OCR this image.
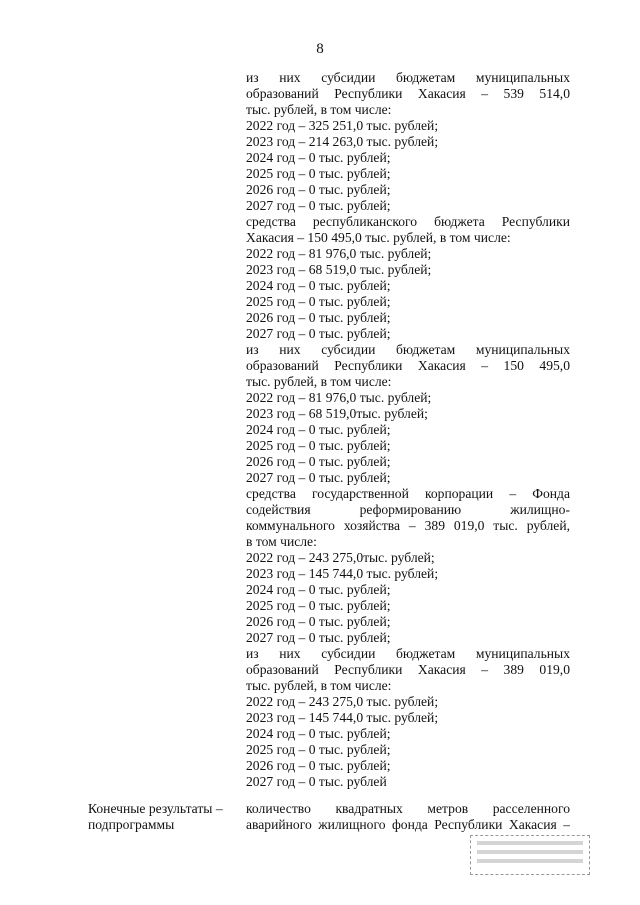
8
из них субсидии бюджетам муниципальных
образований Республики Хакасия – 539 514,0
тыс. рублей, в том числе:
2022 год – 325 251,0 тыс. рублей;
2023 год – 214 263,0 тыс. рублей;
2024 год – 0 тыс. рублей;
2025 год – 0 тыс. рублей;
2026 год – 0 тыс. рублей;
2027 год – 0 тыс. рублей;
средства республиканского бюджета Республики
Хакасия – 150 495,0 тыс. рублей, в том числе:
2022 год – 81 976,0 тыс. рублей;
2023 год – 68 519,0 тыс. рублей;
2024 год – 0 тыс. рублей;
2025 год – 0 тыс. рублей;
2026 год – 0 тыс. рублей;
2027 год – 0 тыс. рублей;
из них субсидии бюджетам муниципальных
образований Республики Хакасия – 150 495,0
тыс. рублей, в том числе:
2022 год – 81 976,0 тыс. рублей;
2023 год – 68 519,0тыс. рублей;
2024 год – 0 тыс. рублей;
2025 год – 0 тыс. рублей;
2026 год – 0 тыс. рублей;
2027 год – 0 тыс. рублей;
средства государственной корпорации – Фонда
содействия реформированию жилищно-
коммунального хозяйства – 389 019,0 тыс. рублей,
в том числе:
2022 год – 243 275,0тыс. рублей;
2023 год – 145 744,0 тыс. рублей;
2024 год – 0 тыс. рублей;
2025 год – 0 тыс. рублей;
2026 год – 0 тыс. рублей;
2027 год – 0 тыс. рублей;
из них субсидии бюджетам муниципальных
образований Республики Хакасия – 389 019,0
тыс. рублей, в том числе:
2022 год – 243 275,0 тыс. рублей;
2023 год – 145 744,0 тыс. рублей;
2024 год – 0 тыс. рублей;
2025 год – 0 тыс. рублей;
2026 год – 0 тыс. рублей;
2027 год – 0 тыс. рублей
Конечные результаты –
подпрограммы
количество квадратных метров расселенного
аварийного жилищного фонда Республики Хакасия –
